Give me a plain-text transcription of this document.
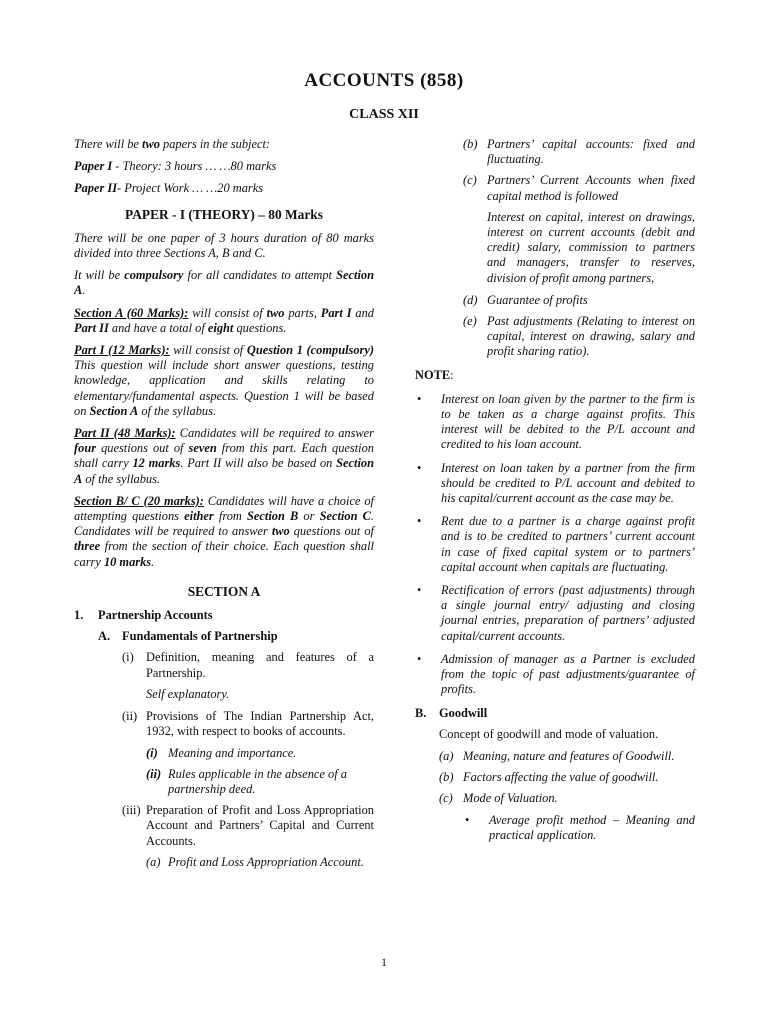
ACCOUNTS (858)
CLASS XII

There will be two papers in the subject:

Paper I - Theory: 3 hours … …80 marks

Paper II- Project Work … …20 marks

PAPER - I (THEORY) – 80 Marks

There will be one paper of 3 hours duration of 80 marks divided into three Sections A, B and C.

It will be compulsory for all candidates to attempt Section A.

Section A (60 Marks): will consist of two parts, Part I and Part II and have a total of eight questions.

Part I (12 Marks): will consist of Question 1 (compulsory) This question will include short answer questions, testing knowledge, application and skills relating to elementary/fundamental aspects. Question 1 will be based on Section A of the syllabus.

Part II (48 Marks): Candidates will be required to answer four questions out of seven from this part. Each question shall carry 12 marks. Part II will also be based on Section A of the syllabus.

Section B/ C (20 marks): Candidates will have a choice of attempting questions either from Section B or Section C. Candidates will be required to answer two questions out of three from the section of their choice. Each question shall carry 10 marks.

SECTION A
1.	Partnership Accounts
A. Fundamentals of Partnership
(i) Definition, meaning and features of a Partnership.

Self explanatory.

(ii) Provisions of The Indian Partnership Act, 1932, with respect to books of accounts.
(i) Meaning and importance.
(ii) Rules applicable in the absence of a partnership deed.
(iii) Preparation of Profit and Loss Appropriation Account and Partners’ Capital and Current Accounts.
(a) Profit and Loss Appropriation Account.
(b) Partners’ capital accounts: fixed and fluctuating.
(c) Partners’ Current Accounts when fixed capital method is followed

Interest on capital, interest on drawings, interest on current accounts (debit and credit) salary, commission to partners and managers, transfer to reserves, division of profit among partners,

(d) Guarantee of profits
(e) Past adjustments (Relating to interest on capital, interest on drawing, salary and profit sharing ratio).

NOTE:

•	Interest on loan given by the partner to the firm is to be taken as a charge against profits. This interest will be debited to the P/L account and credited to his loan account.
•	Interest on loan taken by a partner from the firm should be credited to P/L account and debited to his capital/current account as the case may be.
•	Rent due to a partner is a charge against profit and is to be credited to partners’ current account in case of fixed capital system or to partners’ capital account when capitals are fluctuating.
•	Rectification of errors (past adjustments) through a single journal entry/ adjusting and closing journal entries, preparation of partners’ adjusted capital/current accounts.
•	Admission of manager as a Partner is excluded from the topic of past adjustments/guarantee of profits.
B.	Goodwill

Concept of goodwill and mode of valuation.

(a) Meaning, nature and features of Goodwill.
(b) Factors affecting the value of goodwill.
(c) Mode of Valuation.
•	Average profit method – Meaning and practical application.
1
